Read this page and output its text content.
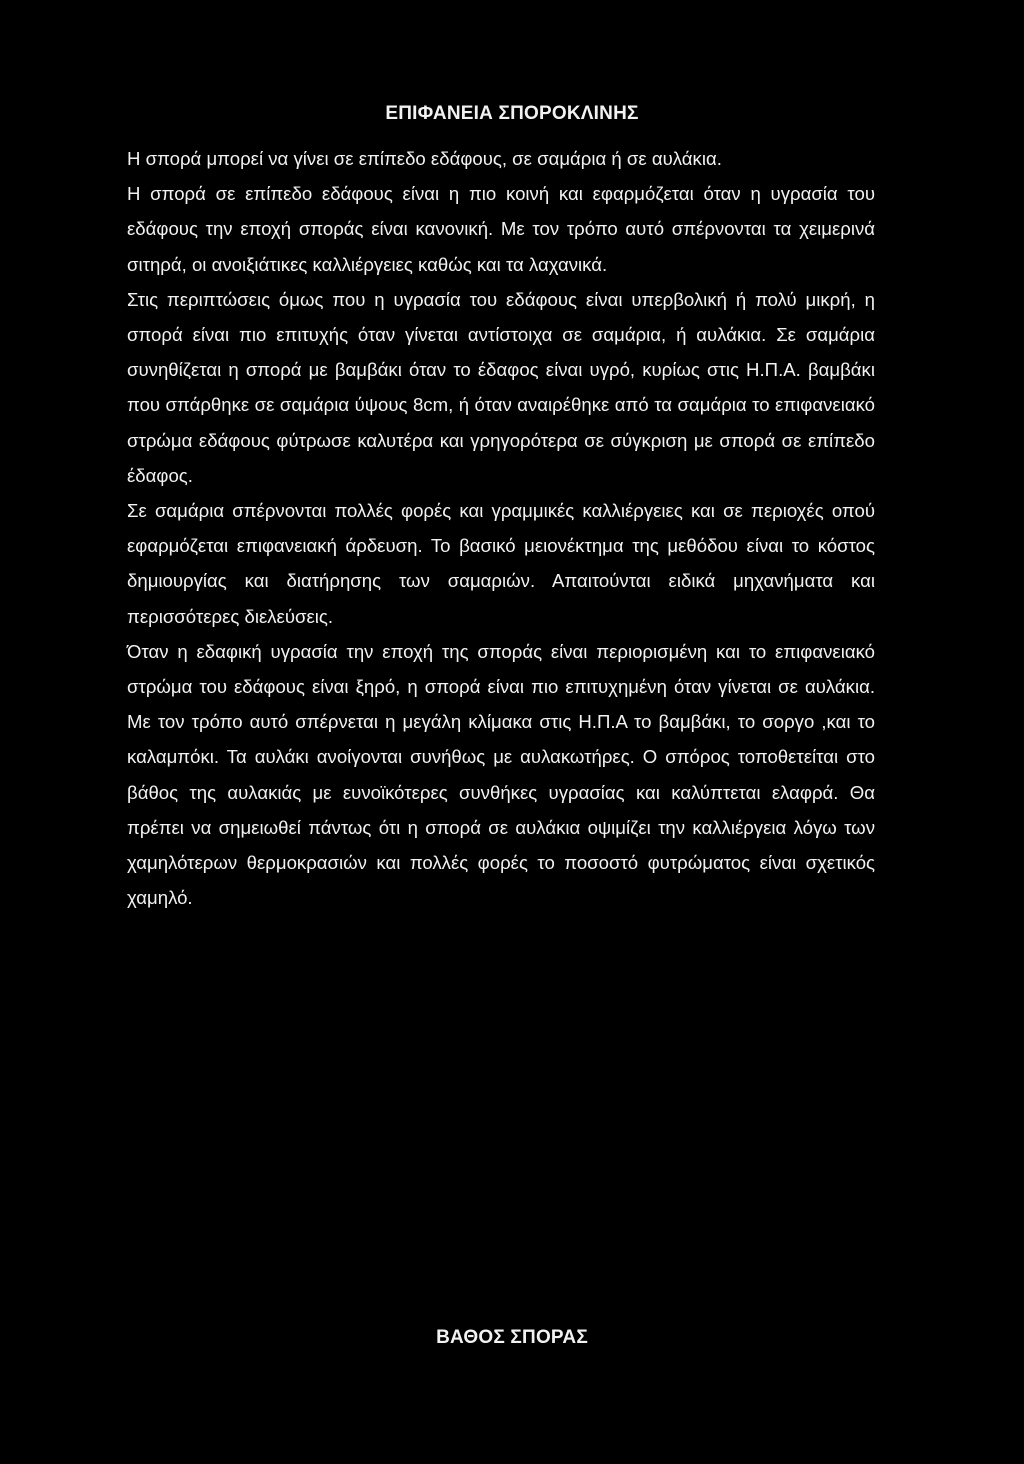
ΕΠΙΦΑΝΕΙΑ ΣΠΟΡΟΚΛΙΝΗΣ

Η σπορά μπορεί να γίνει σε επίπεδο εδάφους, σε σαμάρια ή σε αυλάκια.

Η σπορά σε επίπεδο εδάφους είναι η πιο κοινή και εφαρμόζεται όταν η υγρασία του εδάφους την εποχή σποράς είναι κανονική. Με τον τρόπο αυτό σπέρνονται τα χειμερινά σιτηρά, οι ανοιξιάτικες καλλιέργειες καθώς και τα λαχανικά.

Στις περιπτώσεις όμως που η υγρασία του εδάφους είναι υπερβολική ή πολύ μικρή, η σπορά είναι πιο επιτυχής όταν γίνεται αντίστοιχα σε σαμάρια, ή αυλάκια. Σε σαμάρια συνηθίζεται η σπορά με βαμβάκι όταν το έδαφος είναι υγρό, κυρίως στις Η.Π.Α. βαμβάκι που σπάρθηκε σε σαμάρια ύψους 8cm, ή όταν αναιρέθηκε από τα σαμάρια το επιφανειακό στρώμα εδάφους φύτρωσε καλυτέρα και γρηγορότερα σε σύγκριση με σπορά σε επίπεδο έδαφος.

Σε σαμάρια σπέρνονται πολλές φορές και γραμμικές καλλιέργειες και σε περιοχές οπού εφαρμόζεται επιφανειακή άρδευση. Το βασικό μειονέκτημα της μεθόδου είναι το κόστος δημιουργίας και διατήρησης των σαμαριών. Απαιτούνται ειδικά μηχανήματα και περισσότερες διελεύσεις.

Όταν η εδαφική υγρασία την εποχή της σποράς είναι περιορισμένη και το επιφανειακό στρώμα του εδάφους είναι ξηρό, η σπορά είναι πιο επιτυχημένη όταν γίνεται σε αυλάκια. Με τον τρόπο αυτό σπέρνεται η μεγάλη κλίμακα στις Η.Π.Α το βαμβάκι, το σοργο ,και το καλαμπόκι. Τα αυλάκι ανοίγονται συνήθως με αυλακωτήρες. Ο σπόρος τοποθετείται στο βάθος της αυλακιάς με ευνοϊκότερες συνθήκες υγρασίας και καλύπτεται ελαφρά. Θα πρέπει να σημειωθεί πάντως ότι η σπορά σε αυλάκια οψιμίζει την καλλιέργεια λόγω των χαμηλότερων θερμοκρασιών και πολλές φορές το ποσοστό φυτρώματος είναι σχετικός χαμηλό.

ΒΑΘΟΣ ΣΠΟΡΑΣ
